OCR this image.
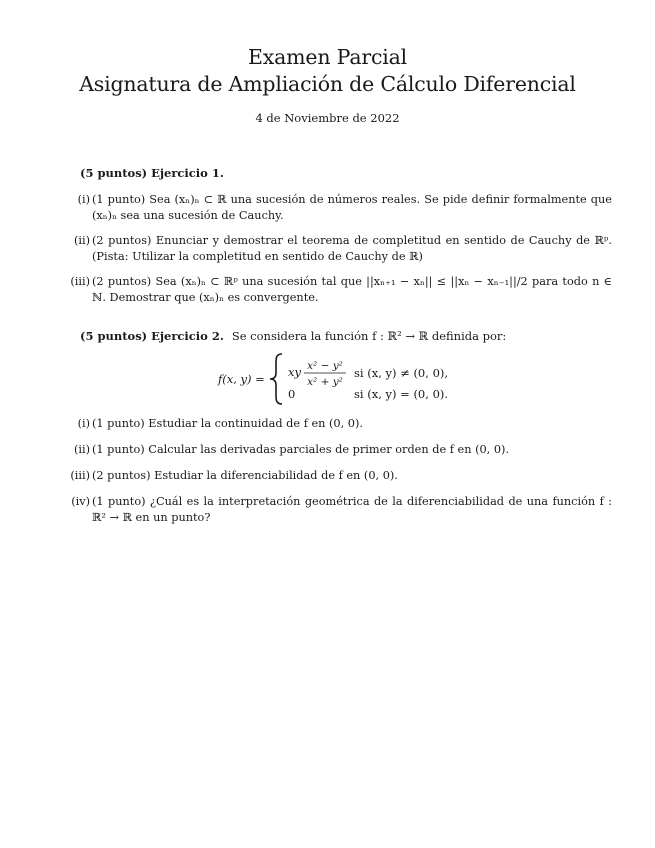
Examen Parcial
Asignatura de Ampliación de Cálculo Diferencial
4 de Noviembre de 2022
(5 puntos) Ejercicio 1.
(i) (1 punto) Sea (xₙ)ₙ ⊂ ℝ una sucesión de números reales. Se pide definir formalmente que (xₙ)ₙ sea una sucesión de Cauchy.
(ii) (2 puntos) Enunciar y demostrar el teorema de completitud en sentido de Cauchy de ℝᵖ. (Pista: Utilizar la completitud en sentido de Cauchy de ℝ)
(iii) (2 puntos) Sea (xₙ)ₙ ⊂ ℝᵖ una sucesión tal que ||xₙ₊₁ − xₙ|| ≤ ||xₙ − xₙ₋₁||/2 para todo n ∈ ℕ. Demostrar que (xₙ)ₙ es convergente.
(5 puntos) Ejercicio 2. Se considera la función f : ℝ² → ℝ definida por:
f(x, y) = xy x² − y²
x² + y²
si (x, y) ≠ (0, 0),
0	si (x, y) = (0, 0).
(i) (1 punto) Estudiar la continuidad de f en (0, 0).
(ii) (1 punto) Calcular las derivadas parciales de primer orden de f en (0, 0).
(iii) (2 puntos) Estudiar la diferenciabilidad de f en (0, 0).
(iv) (1 punto) ¿Cuál es la interpretación geométrica de la diferenciabilidad de una función f : ℝ² → ℝ en un punto?
